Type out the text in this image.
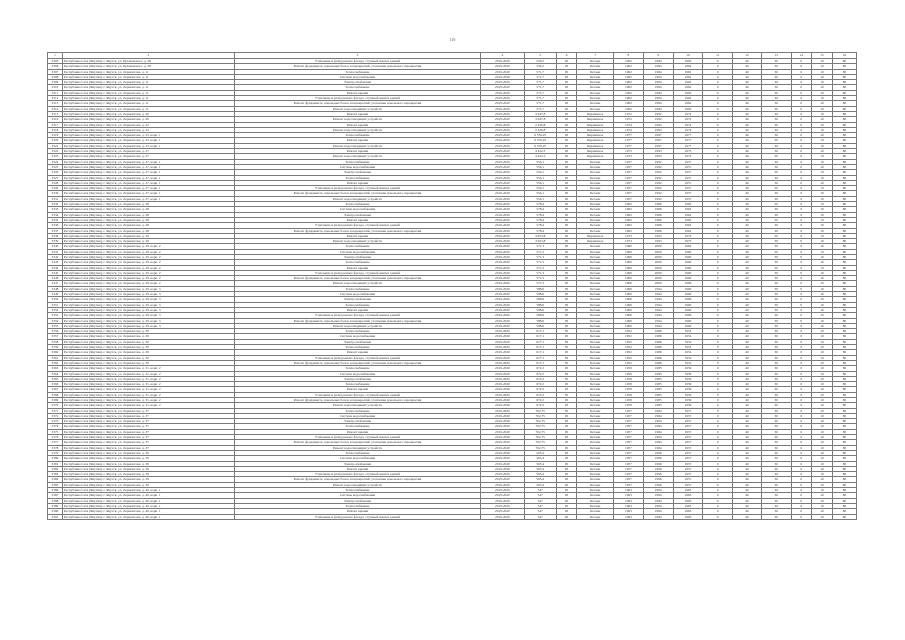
116
1	2	3	4	5	6	7	8	9	10	11	12	13	14	15	16
3305	Республика Саха (Якутия), г. Якутск, ул. Кулаковского, д. 28	Утепление и (или) ремонт фасада, ступеней жилых зданий	2019-2020	556,2	95	Бетонн	1962	1984	1962	0	40	30	0	10	80
3306	Республика Саха (Якутия), г. Якутск, ул. Кулаковского, д. 28	Ремонт фундамента, цокольных балок и перекрытий, утепление цокольного перекрытия	2019-2020	556,2	95	Бетонн	1962	1984	1962	0	40	30	0	10	80
3307	Республика Саха (Якутия), г. Якутск, ул. Лермонтова, д. 11	Теплоснабжение	2019-2020	571,7	95	Бетонн	1962	1984	1962	0	40	30	0	10	80
3308	Республика Саха (Якутия), г. Якутск, ул. Лермонтова, д. 11	Система водоснабжения	2019-2020	571,7	95	Бетонн	1962	1984	1962	0	40	30	0	10	80
3309	Республика Саха (Якутия), г. Якутск, ул. Лермонтова, д. 11	Электроснабжение	2019-2020	571,7	95	Бетонн	1962	1984	1962	0	40	30	0	10	80
3310	Республика Саха (Якутия), г. Якутск, ул. Лермонтова, д. 11	Теплоснабжение	2019-2020	571,7	95	Бетонн	1962	1984	1962	0	40	30	0	10	80
3311	Республика Саха (Якутия), г. Якутск, ул. Лермонтова, д. 11	Ремонт крыши	2019-2020	571,7	95	Бетонн	1962	1984	1962	0	40	30	0	10	80
3312	Республика Саха (Якутия), г. Якутск, ул. Лермонтова, д. 11	Утепление и (или) ремонт фасада, ступеней жилых зданий	2019-2020	571,7	95	Бетонн	1962	1984	1962	0	40	30	0	10	80
3313	Республика Саха (Якутия), г. Якутск, ул. Лермонтова, д. 11	Ремонт фундамента, цокольных балок и перекрытий, утепление цокольного перекрытия	2019-2020	571,7	95	Бетонн	1962	1984	1962	0	40	30	0	10	80
3314	Республика Саха (Якутия), г. Якутск, ул. Лермонтова, д. 11	Ремонт водоотводящих устройств	2019-2020	571,7	95	Бетонн	1962	1984	1962	0	40	30	0	10	80
3315	Республика Саха (Якутия), г. Якутск, ул. Лермонтова, д. 20	Ремонт крыши	2019-2020	3 047,8	95	Кирпичное	1972	1992	1972	0	40	30	0	10	80
3316	Республика Саха (Якутия), г. Якутск, ул. Лермонтова, д. 20	Ремонт водоотводящих устройств	2019-2020	3 047,8	95	Кирпичное	1972	1992	1972	0	40	30	0	10	80
3317	Республика Саха (Якутия), г. Якутск, ул. Лермонтова, д. 22	Ремонт крыши	2019-2020	2 436,8	95	Кирпичное	1974	1994	1974	0	40	30	0	10	80
3318	Республика Саха (Якутия), г. Якутск, ул. Лермонтова, д. 22	Ремонт водоотводящих устройств	2019-2020	2 436,8	95	Кирпичное	1974	1994	1974	0	40	30	0	10	80
3319	Республика Саха (Якутия), г. Якутск, ул. Лермонтова, д. 23, корп. 1	Теплоснабжение	2019-2020	6 576,25	95	Кирпичное	1977	1997	1977	0	40	30	0	10	80
3320	Республика Саха (Якутия), г. Якутск, ул. Лермонтова, д. 23, корп. 1	Ремонт крыши	2019-2020	6 576,25	95	Кирпичное	1977	1997	1977	0	40	30	0	10	80
3321	Республика Саха (Якутия), г. Якутск, ул. Лермонтова, д. 23, корп. 1	Ремонт водоотводящих устройств	2019-2020	6 576,25	95	Кирпичное	1977	1997	1977	0	40	30	0	10	80
3322	Республика Саха (Якутия), г. Якутск, ул. Лермонтова, д. 27	Ремонт крыши	2019-2020	4 422,3	95	Кирпичное	1973	1993	1973	0	40	30	0	10	80
3323	Республика Саха (Якутия), г. Якутск, ул. Лермонтова, д. 27	Ремонт водоотводящих устройств	2019-2020	4 422,3	95	Кирпичное	1973	1993	1973	0	40	30	0	10	80
3324	Республика Саха (Якутия), г. Якутск, ул. Лермонтова, д. 27, корп. 1	Теплоснабжение	2019-2020	554,1	95	Бетонн	1957	1992	1957	0	40	30	0	10	80
3325	Республика Саха (Якутия), г. Якутск, ул. Лермонтова, д. 27, корп. 1	Система водоснабжения	2019-2020	554,1	95	Бетонн	1957	1992	1957	0	40	30	0	10	80
3326	Республика Саха (Якутия), г. Якутск, ул. Лермонтова, д. 27, корп. 1	Электроснабжение	2019-2020	554,1	95	Бетонн	1957	1992	1957	0	40	30	0	10	80
3327	Республика Саха (Якутия), г. Якутск, ул. Лермонтова, д. 27, корп. 1	Теплоснабжение	2019-2020	554,1	95	Бетонн	1957	1992	1957	0	40	30	0	10	80
3328	Республика Саха (Якутия), г. Якутск, ул. Лермонтова, д. 27, корп. 1	Ремонт крыши	2019-2020	554,1	95	Бетонн	1957	1992	1957	0	40	30	0	10	80
3329	Республика Саха (Якутия), г. Якутск, ул. Лермонтова, д. 27, корп. 1	Утепление и (или) ремонт фасада, ступеней жилых зданий	2019-2020	554,1	95	Бетонн	1957	1992	1957	0	40	30	0	10	80
3330	Республика Саха (Якутия), г. Якутск, ул. Лермонтова, д. 27, корп. 1	Ремонт фундамента, цокольных балок и перекрытий, утепление цокольного перекрытия	2019-2020	554,1	95	Бетонн	1957	1992	1957	0	40	30	0	10	80
3331	Республика Саха (Якутия), г. Якутск, ул. Лермонтова, д. 27, корп. 1	Ремонт водоотводящих устройств	2019-2020	554,1	95	Бетонн	1957	1992	1957	0	40	30	0	10	80
3332	Республика Саха (Якутия), г. Якутск, ул. Лермонтова, д. 28	Теплоснабжение	2019-2020	578,4	95	Бетонн	1962	1986	1962	0	40	30	0	10	80
3333	Республика Саха (Якутия), г. Якутск, ул. Лермонтова, д. 28	Система водоснабжения	2019-2020	578,4	95	Бетонн	1962	1986	1962	0	40	30	0	10	80
3334	Республика Саха (Якутия), г. Якутск, ул. Лермонтова, д. 28	Электроснабжение	2019-2020	578,4	95	Бетонн	1962	1986	1962	0	40	30	0	10	80
3335	Республика Саха (Якутия), г. Якутск, ул. Лермонтова, д. 28	Ремонт крыши	2019-2020	578,4	95	Бетонн	1962	1986	1962	0	40	30	0	10	80
3336	Республика Саха (Якутия), г. Якутск, ул. Лермонтова, д. 28	Утепление и (или) ремонт фасада, ступеней жилых зданий	2019-2020	578,4	95	Бетонн	1962	1986	1962	0	40	30	0	10	80
3337	Республика Саха (Якутия), г. Якутск, ул. Лермонтова, д. 28	Ремонт фундамента, цокольных балок и перекрытий, утепление цокольного перекрытия	2019-2020	578,4	95	Бетонн	1962	1986	1962	0	40	30	0	10	80
3338	Республика Саха (Якутия), г. Якутск, ул. Лермонтова, д. 29	Ремонт крыши	2019-2020	4 653,8	95	Кирпичное	1973	1993	1973	0	40	30	0	10	80
3339	Республика Саха (Якутия), г. Якутск, ул. Лермонтова, д. 29	Ремонт водоотводящих устройств	2019-2020	4 653,8	95	Кирпичное	1973	1993	1973	0	40	30	0	10	80
3340	Республика Саха (Якутия), г. Якутск, ул. Лермонтова, д. 29, корп. 2	Теплоснабжение	2019-2020	571,3	95	Бетонн	1960	2000	1960	0	40	30	0	10	80
3341	Республика Саха (Якутия), г. Якутск, ул. Лермонтова, д. 29, корп. 2	Система водоснабжения	2019-2020	571,3	95	Бетонн	1960	2000	1960	0	40	30	0	10	80
3342	Республика Саха (Якутия), г. Якутск, ул. Лермонтова, д. 29, корп. 2	Электроснабжение	2019-2020	571,3	95	Бетонн	1960	2000	1960	0	40	30	0	10	80
3343	Республика Саха (Якутия), г. Якутск, ул. Лермонтова, д. 29, корп. 2	Теплоснабжение	2019-2020	571,3	95	Бетонн	1960	2000	1960	0	40	30	0	10	80
3344	Республика Саха (Якутия), г. Якутск, ул. Лермонтова, д. 29, корп. 2	Ремонт крыши	2019-2020	571,3	95	Бетонн	1960	2000	1960	0	40	30	0	10	80
3345	Республика Саха (Якутия), г. Якутск, ул. Лермонтова, д. 29, корп. 2	Утепление и (или) ремонт фасада, ступеней жилых зданий	2019-2020	571,3	95	Бетонн	1960	2000	1960	0	40	30	0	10	80
3346	Республика Саха (Якутия), г. Якутск, ул. Лермонтова, д. 29, корп. 2	Ремонт фундамента, цокольных балок и перекрытий, утепление цокольного перекрытия	2019-2020	571,3	95	Бетонн	1960	2000	1960	0	40	30	0	10	80
3347	Республика Саха (Якутия), г. Якутск, ул. Лермонтова, д. 29, корп. 2	Ремонт водоотводящих устройств	2019-2020	571,3	95	Бетонн	1960	2000	1960	0	40	30	0	10	80
3348	Республика Саха (Якутия), г. Якутск, ул. Лермонтова, д. 29, корп. 3	Теплоснабжение	2019-2020	588,6	95	Бетонн	1960	1994	1960	0	40	30	0	10	80
3349	Республика Саха (Якутия), г. Якутск, ул. Лермонтова, д. 29, корп. 3	Система водоснабжения	2019-2020	588,6	95	Бетонн	1960	1994	1960	0	40	30	0	10	80
3350	Республика Саха (Якутия), г. Якутск, ул. Лермонтова, д. 29, корп. 3	Электроснабжение	2019-2020	588,6	95	Бетонн	1960	1994	1960	0	40	30	0	10	80
3351	Республика Саха (Якутия), г. Якутск, ул. Лермонтова, д. 29, корп. 3	Теплоснабжение	2019-2020	588,6	95	Бетонн	1960	1994	1960	0	40	30	0	10	80
3352	Республика Саха (Якутия), г. Якутск, ул. Лермонтова, д. 29, корп. 3	Ремонт крыши	2019-2020	588,6	95	Бетонн	1960	1994	1960	0	40	30	0	10	80
3353	Республика Саха (Якутия), г. Якутск, ул. Лермонтова, д. 29, корп. 3	Утепление и (или) ремонт фасада, ступеней жилых зданий	2019-2020	588,6	95	Бетонн	1960	1994	1960	0	40	30	0	10	80
3354	Республика Саха (Якутия), г. Якутск, ул. Лермонтова, д. 29, корп. 3	Ремонт фундамента, цокольных балок и перекрытий, утепление цокольного перекрытия	2019-2020	588,6	95	Бетонн	1960	1994	1960	0	40	30	0	10	80
3355	Республика Саха (Якутия), г. Якутск, ул. Лермонтова, д. 29, корп. 3	Ремонт водоотводящих устройств	2019-2020	588,6	95	Бетонн	1960	1994	1960	0	40	30	0	10	80
3356	Республика Саха (Якутия), г. Якутск, ул. Лермонтова, д. 30	Теплоснабжение	2019-2020	617,1	95	Бетонн	1952	1986	1952	0	40	30	0	10	80
3357	Республика Саха (Якутия), г. Якутск, ул. Лермонтова, д. 30	Система водоснабжения	2019-2020	617,1	95	Бетонн	1952	1986	1952	0	40	30	0	10	80
3358	Республика Саха (Якутия), г. Якутск, ул. Лермонтова, д. 30	Электроснабжение	2019-2020	617,1	95	Бетонн	1952	1986	1952	0	40	30	0	10	80
3359	Республика Саха (Якутия), г. Якутск, ул. Лермонтова, д. 30	Теплоснабжение	2019-2020	617,1	95	Бетонн	1952	1986	1952	0	40	30	0	10	80
3360	Республика Саха (Якутия), г. Якутск, ул. Лермонтова, д. 30	Ремонт крыши	2019-2020	617,1	95	Бетонн	1952	1986	1952	0	40	30	0	10	80
3361	Республика Саха (Якутия), г. Якутск, ул. Лермонтова, д. 30	Утепление и (или) ремонт фасада, ступеней жилых зданий	2019-2020	617,1	95	Бетонн	1952	1986	1952	0	40	30	0	10	80
3362	Республика Саха (Якутия), г. Якутск, ул. Лермонтова, д. 30	Ремонт фундамента, цокольных балок и перекрытий, утепление цокольного перекрытия	2019-2020	617,1	95	Бетонн	1952	1986	1952	0	40	30	0	10	80
3363	Республика Саха (Якутия), г. Якутск, ул. Лермонтова, д. 31, корп. 2	Теплоснабжение	2019-2020	672,2	95	Бетонн	1959	1985	1959	0	40	30	0	10	80
3364	Республика Саха (Якутия), г. Якутск, ул. Лермонтова, д. 31, корп. 2	Система водоснабжения	2019-2020	672,2	95	Бетонн	1959	1985	1959	0	40	30	0	10	80
3365	Республика Саха (Якутия), г. Якутск, ул. Лермонтова, д. 31, корп. 2	Электроснабжение	2019-2020	672,2	95	Бетонн	1959	1985	1959	0	40	30	0	10	80
3366	Республика Саха (Якутия), г. Якутск, ул. Лермонтова, д. 31, корп. 2	Теплоснабжение	2019-2020	672,2	95	Бетонн	1959	1985	1959	0	40	30	0	10	80
3367	Республика Саха (Якутия), г. Якутск, ул. Лермонтова, д. 31, корп. 2	Ремонт крыши	2019-2020	672,2	95	Бетонн	1959	1985	1959	0	40	30	0	10	80
3368	Республика Саха (Якутия), г. Якутск, ул. Лермонтова, д. 31, корп. 2	Утепление и (или) ремонт фасада, ступеней жилых зданий	2019-2020	672,2	95	Бетонн	1959	1985	1959	0	40	30	0	10	80
3369	Республика Саха (Якутия), г. Якутск, ул. Лермонтова, д. 31, корп. 2	Ремонт фундамента, цокольных балок и перекрытий, утепление цокольного перекрытия	2019-2020	672,2	95	Бетонн	1959	1985	1959	0	40	30	0	10	80
3370	Республика Саха (Якутия), г. Якутск, ул. Лермонтова, д. 31, корп. 2	Ремонт водоотводящих устройств	2019-2020	672,2	95	Бетонн	1959	1985	1959	0	40	30	0	10	80
3371	Республика Саха (Якутия), г. Якутск, ул. Лермонтова, д. 37	Теплоснабжение	2019-2020	702,75	95	Бетонн	1957	1984	1957	0	40	30	0	10	80
3372	Республика Саха (Якутия), г. Якутск, ул. Лермонтова, д. 37	Система водоснабжения	2019-2020	702,75	95	Бетонн	1957	1984	1957	0	40	30	0	10	80
3373	Республика Саха (Якутия), г. Якутск, ул. Лермонтова, д. 37	Электроснабжение	2019-2020	702,75	95	Бетонн	1957	1984	1957	0	40	30	0	10	80
3374	Республика Саха (Якутия), г. Якутск, ул. Лермонтова, д. 37	Теплоснабжение	2019-2020	702,75	95	Бетонн	1957	1984	1957	0	40	30	0	10	80
3375	Республика Саха (Якутия), г. Якутск, ул. Лермонтова, д. 37	Ремонт крыши	2019-2020	702,75	95	Бетонн	1957	1984	1957	0	40	30	0	10	80
3376	Республика Саха (Якутия), г. Якутск, ул. Лермонтова, д. 37	Утепление и (или) ремонт фасада, ступеней жилых зданий	2019-2020	702,75	95	Бетонн	1957	1984	1957	0	40	30	0	10	80
3377	Республика Саха (Якутия), г. Якутск, ул. Лермонтова, д. 37	Ремонт фундамента, цокольных балок и перекрытий, утепление цокольного перекрытия	2019-2020	702,75	95	Бетонн	1957	1984	1957	0	40	30	0	10	80
3378	Республика Саха (Якутия), г. Якутск, ул. Лермонтова, д. 37	Ремонт водоотводящих устройств	2019-2020	702,75	95	Бетонн	1957	1984	1957	0	40	30	0	10	80
3379	Республика Саха (Якутия), г. Якутск, ул. Лермонтова, д. 39	Теплоснабжение	2019-2020	565,4	95	Бетонн	1957	1996	1957	0	40	30	0	10	80
3380	Республика Саха (Якутия), г. Якутск, ул. Лермонтова, д. 39	Система водоснабжения	2019-2020	565,4	95	Бетонн	1957	1996	1957	0	40	30	0	10	80
3381	Республика Саха (Якутия), г. Якутск, ул. Лермонтова, д. 39	Электроснабжение	2019-2020	565,4	95	Бетонн	1957	1996	1957	0	40	30	0	10	80
3382	Республика Саха (Якутия), г. Якутск, ул. Лермонтова, д. 39	Ремонт крыши	2019-2020	565,4	95	Бетонн	1957	1996	1957	0	40	30	0	10	80
3383	Республика Саха (Якутия), г. Якутск, ул. Лермонтова, д. 39	Утепление и (или) ремонт фасада, ступеней жилых зданий	2019-2020	565,4	95	Бетонн	1957	1996	1957	0	40	30	0	10	80
3384	Республика Саха (Якутия), г. Якутск, ул. Лермонтова, д. 39	Ремонт фундамента, цокольных балок и перекрытий, утепление цокольного перекрытия	2019-2020	565,4	95	Бетонн	1957	1996	1957	0	40	30	0	10	80
3385	Республика Саха (Якутия), г. Якутск, ул. Лермонтова, д. 39	Ремонт водоотводящих устройств	2019-2020	565,4	95	Бетонн	1957	1996	1957	0	40	30	0	10	80
3386	Республика Саха (Якутия), г. Якутск, ул. Лермонтова, д. 40, корп. 1	Теплоснабжение	2019-2020	547	95	Бетонн	1963	1984	1963	0	40	30	0	10	80
3387	Республика Саха (Якутия), г. Якутск, ул. Лермонтова, д. 40, корп. 1	Система водоснабжения	2019-2020	547	95	Бетонн	1963	1984	1963	0	40	30	0	10	80
3388	Республика Саха (Якутия), г. Якутск, ул. Лермонтова, д. 40, корп. 1	Электроснабжение	2019-2020	547	95	Бетонн	1963	1984	1963	0	40	30	0	10	80
3389	Республика Саха (Якутия), г. Якутск, ул. Лермонтова, д. 40, корп. 1	Теплоснабжение	2019-2020	547	95	Бетонн	1963	1984	1963	0	40	30	0	10	80
3390	Республика Саха (Якутия), г. Якутск, ул. Лермонтова, д. 40, корп. 1	Ремонт крыши	2019-2020	547	95	Бетонн	1963	1984	1963	0	40	30	0	10	80
3391	Республика Саха (Якутия), г. Якутск, ул. Лермонтова, д. 40, корп. 1	Утепление и (или) ремонт фасада, ступеней жилых зданий	2019-2020	547	95	Бетонн	1963	1984	1963	0	40	30	0	10	80
